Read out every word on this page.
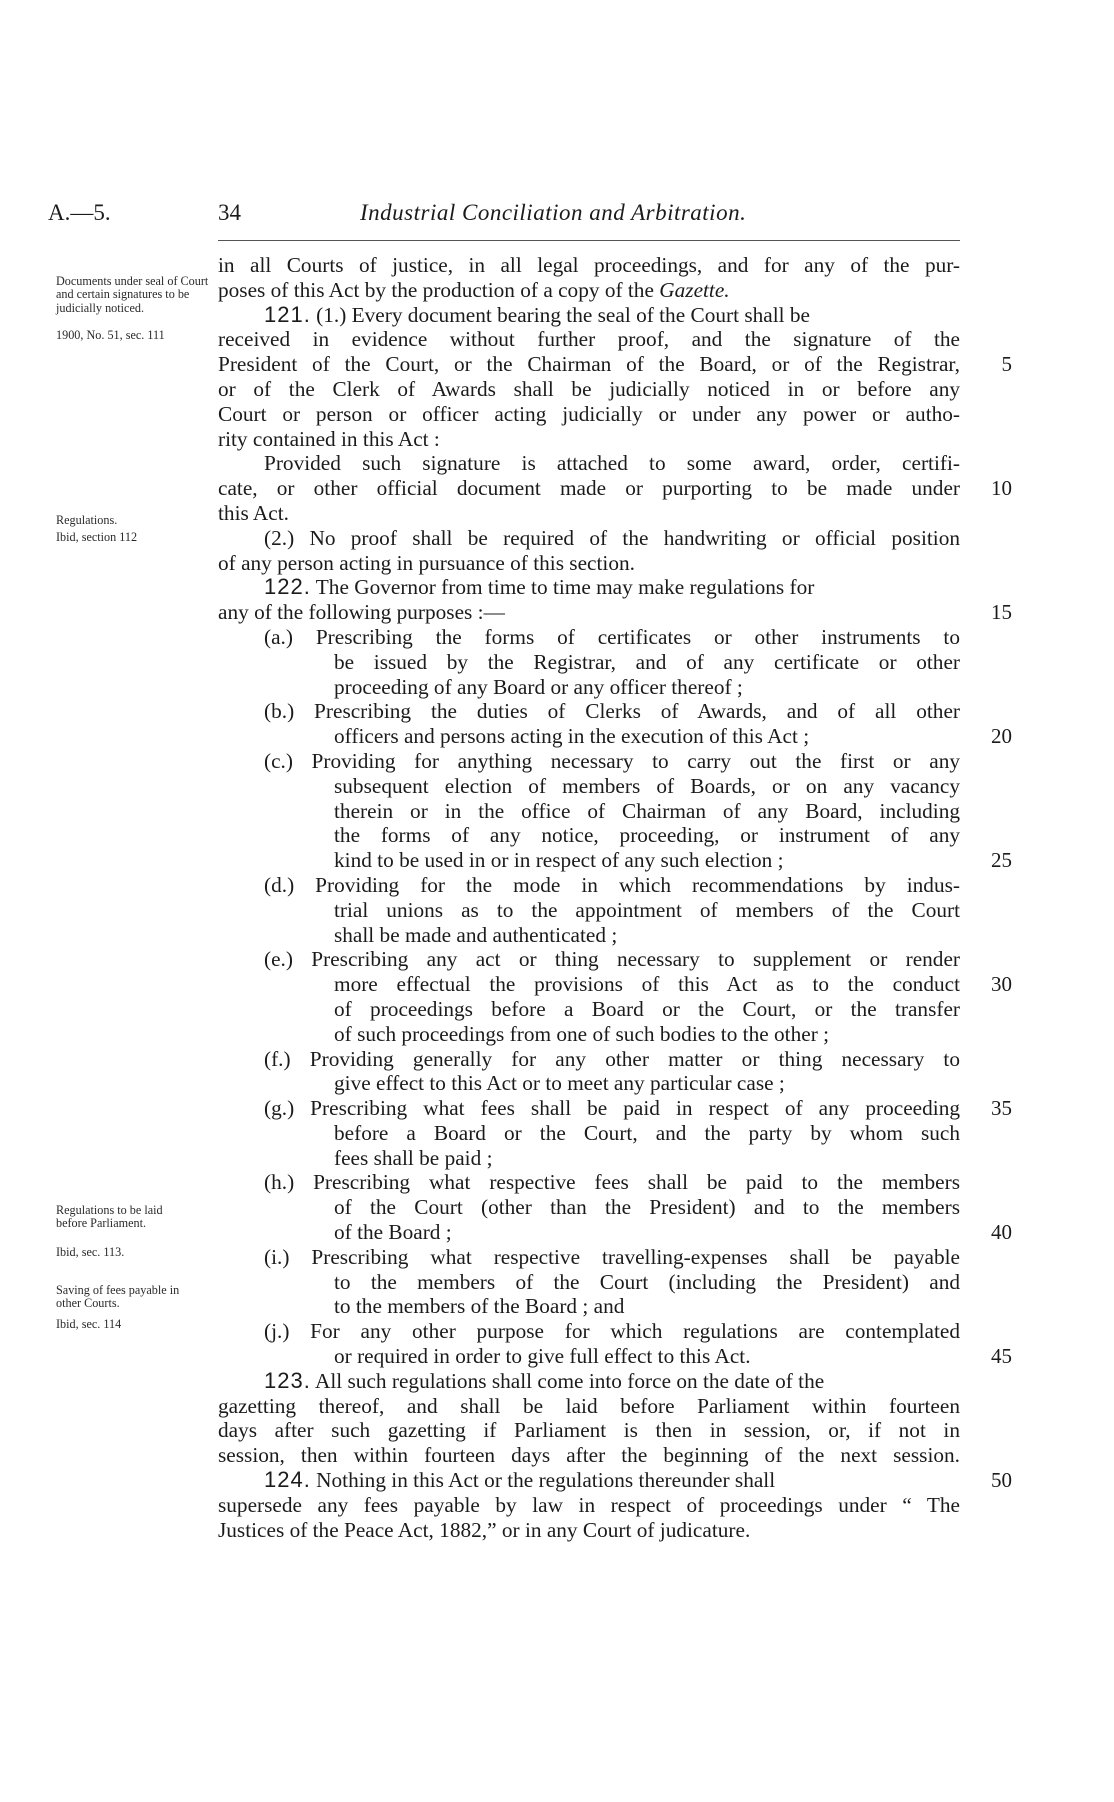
A.—5.	34	Industrial Conciliation and Arbitration.
Documents under seal of Court and certain signatures to be judicially noticed.
1900, No. 51, sec. 111
Regulations.
Ibid, section 112
Regulations to be laid before Parliament.
Ibid, sec. 113.
Saving of fees payable in other Courts.
Ibid, sec. 114
in all Courts of justice, in all legal proceedings, and for any of the pur-
poses of this Act by the production of a copy of the Gazette.
121. (1.) Every document bearing the seal of the Court shall be
received in evidence without further proof, and the signature of the
President of the Court, or the Chairman of the Board, or of the Registrar,
or of the Clerk of Awards shall be judicially noticed in or before any
Court or person or officer acting judicially or under any power or autho-
rity contained in this Act :
Provided such signature is attached to some award, order, certifi-
cate, or other official document made or purporting to be made under
this Act.
(2.) No proof shall be required of the handwriting or official position
of any person acting in pursuance of this section.
122. The Governor from time to time may make regulations for
any of the following purposes :—
(a.) Prescribing the forms of certificates or other instruments to
be issued by the Registrar, and of any certificate or other
proceeding of any Board or any officer thereof ;
(b.) Prescribing the duties of Clerks of Awards, and of all other
officers and persons acting in the execution of this Act ;
(c.) Providing for anything necessary to carry out the first or any
subsequent election of members of Boards, or on any vacancy
therein or in the office of Chairman of any Board, including
the forms of any notice, proceeding, or instrument of any
kind to be used in or in respect of any such election ;
(d.) Providing for the mode in which recommendations by indus-
trial unions as to the appointment of members of the Court
shall be made and authenticated ;
(e.) Prescribing any act or thing necessary to supplement or render
more effectual the provisions of this Act as to the conduct
of proceedings before a Board or the Court, or the transfer
of such proceedings from one of such bodies to the other ;
(f.) Providing generally for any other matter or thing necessary to
give effect to this Act or to meet any particular case ;
(g.) Prescribing what fees shall be paid in respect of any proceeding
before a Board or the Court, and the party by whom such
fees shall be paid ;
(h.) Prescribing what respective fees shall be paid to the members
of the Court (other than the President) and to the members
of the Board ;
(i.) Prescribing what respective travelling-expenses shall be payable
to the members of the Court (including the President) and
to the members of the Board ; and
(j.) For any other purpose for which regulations are contemplated
or required in order to give full effect to this Act.
123. All such regulations shall come into force on the date of the
gazetting thereof, and shall be laid before Parliament within fourteen
days after such gazetting if Parliament is then in session, or, if not in
session, then within fourteen days after the beginning of the next session.
124. Nothing in this Act or the regulations thereunder shall
supersede any fees payable by law in respect of proceedings under “ The
Justices of the Peace Act, 1882,” or in any Court of judicature.
5
10
15
20
25
30
35
40
45
50
